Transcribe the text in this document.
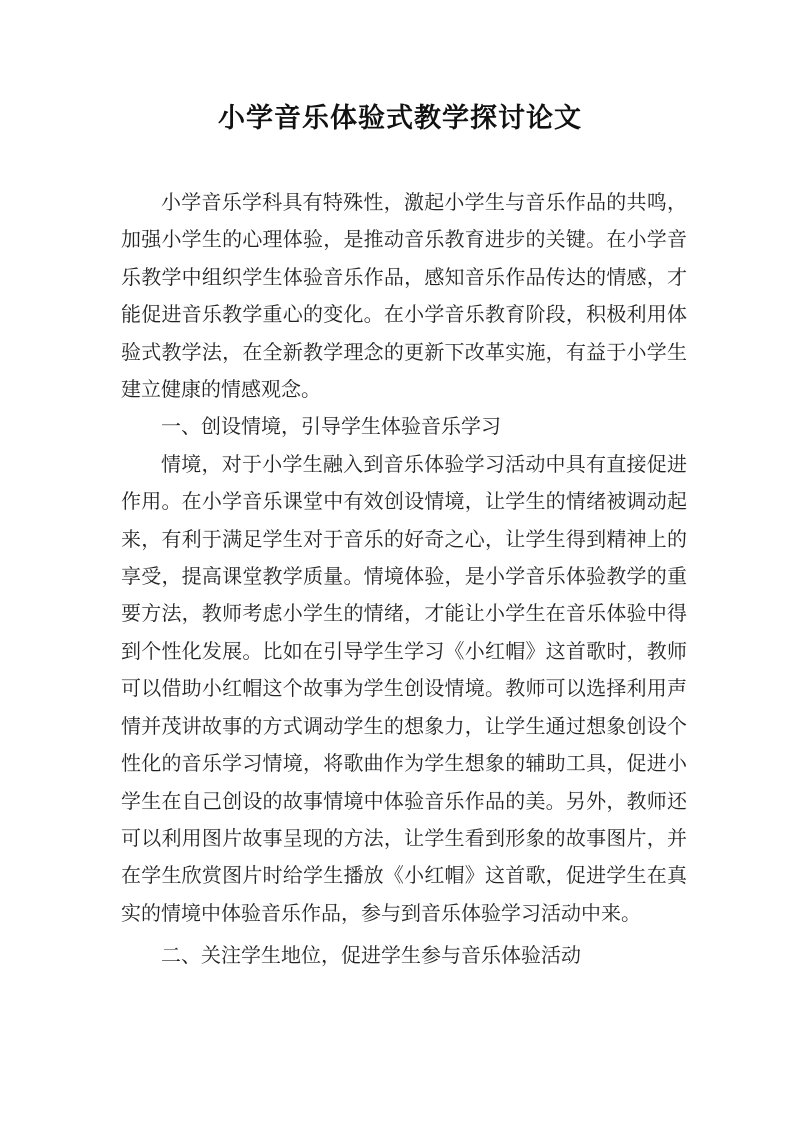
小学音乐体验式教学探讨论文

小学音乐学科具有特殊性，激起小学生与音乐作品的共鸣，加强小学生的心理体验，是推动音乐教育进步的关键。在小学音乐教学中组织学生体验音乐作品，感知音乐作品传达的情感，才能促进音乐教学重心的变化。在小学音乐教育阶段，积极利用体验式教学法，在全新教学理念的更新下改革实施，有益于小学生建立健康的情感观念。

一、创设情境，引导学生体验音乐学习

情境，对于小学生融入到音乐体验学习活动中具有直接促进作用。在小学音乐课堂中有效创设情境，让学生的情绪被调动起来，有利于满足学生对于音乐的好奇之心，让学生得到精神上的享受，提高课堂教学质量。情境体验，是小学音乐体验教学的重要方法，教师考虑小学生的情绪，才能让小学生在音乐体验中得到个性化发展。比如在引导学生学习《小红帽》这首歌时，教师可以借助小红帽这个故事为学生创设情境。教师可以选择利用声情并茂讲故事的方式调动学生的想象力，让学生通过想象创设个性化的音乐学习情境，将歌曲作为学生想象的辅助工具，促进小学生在自己创设的故事情境中体验音乐作品的美。另外，教师还可以利用图片故事呈现的方法，让学生看到形象的故事图片，并在学生欣赏图片时给学生播放《小红帽》这首歌，促进学生在真实的情境中体验音乐作品，参与到音乐体验学习活动中来。

二、关注学生地位，促进学生参与音乐体验活动
